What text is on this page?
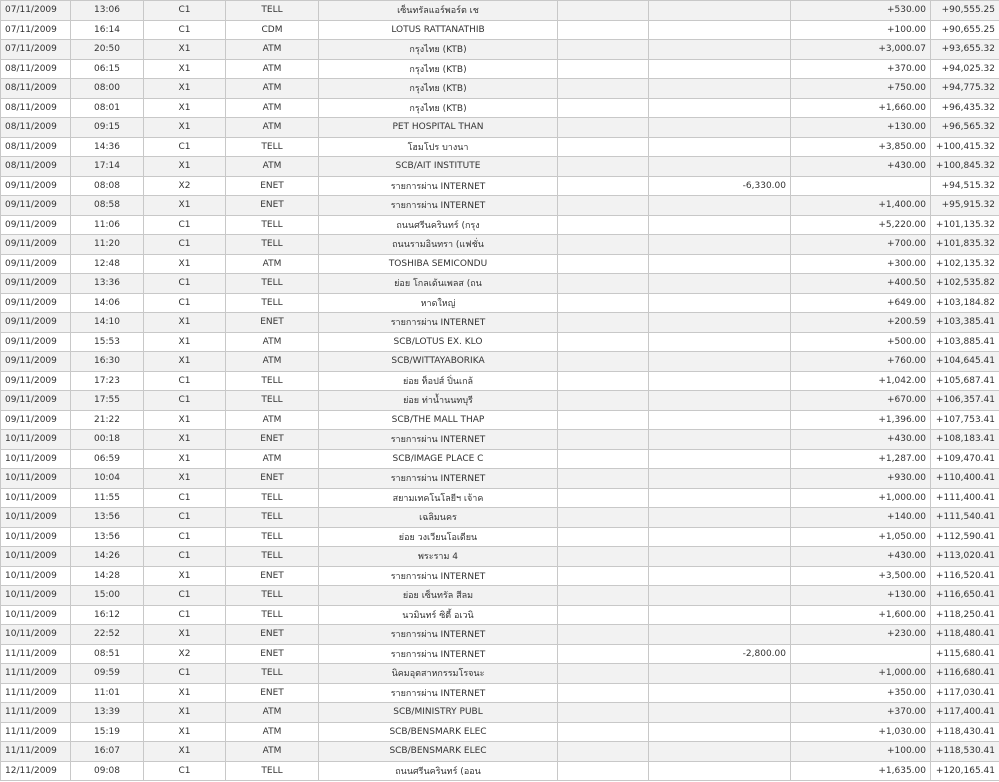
07/11/2009	13:06	C1	TELL	เซ็นทรัลแอร์พอร์ต เช			+530.00	+90,555.25
07/11/2009	16:14	C1	CDM	LOTUS RATTANATHIB			+100.00	+90,655.25
07/11/2009	20:50	X1	ATM	กรุงไทย (KTB)			+3,000.07	+93,655.32
08/11/2009	06:15	X1	ATM	กรุงไทย (KTB)			+370.00	+94,025.32
08/11/2009	08:00	X1	ATM	กรุงไทย (KTB)			+750.00	+94,775.32
08/11/2009	08:01	X1	ATM	กรุงไทย (KTB)			+1,660.00	+96,435.32
08/11/2009	09:15	X1	ATM	PET HOSPITAL THAN			+130.00	+96,565.32
08/11/2009	14:36	C1	TELL	โฮมโปร บางนา			+3,850.00	+100,415.32
08/11/2009	17:14	X1	ATM	SCB/AIT INSTITUTE			+430.00	+100,845.32
09/11/2009	08:08	X2	ENET	รายการผ่าน INTERNET		-6,330.00		+94,515.32
09/11/2009	08:58	X1	ENET	รายการผ่าน INTERNET			+1,400.00	+95,915.32
09/11/2009	11:06	C1	TELL	ถนนศรีนครินทร์ (กรุง			+5,220.00	+101,135.32
09/11/2009	11:20	C1	TELL	ถนนรามอินทรา (แฟชั่น			+700.00	+101,835.32
09/11/2009	12:48	X1	ATM	TOSHIBA SEMICONDU			+300.00	+102,135.32
09/11/2009	13:36	C1	TELL	ย่อย โกลเด้นเพลส (ถน			+400.50	+102,535.82
09/11/2009	14:06	C1	TELL	หาดใหญ่			+649.00	+103,184.82
09/11/2009	14:10	X1	ENET	รายการผ่าน INTERNET			+200.59	+103,385.41
09/11/2009	15:53	X1	ATM	SCB/LOTUS EX. KLO			+500.00	+103,885.41
09/11/2009	16:30	X1	ATM	SCB/WITTAYABORIKA			+760.00	+104,645.41
09/11/2009	17:23	C1	TELL	ย่อย ท็อปส์ ปิ่นเกล้			+1,042.00	+105,687.41
09/11/2009	17:55	C1	TELL	ย่อย ท่าน้ำนนทบุรี			+670.00	+106,357.41
09/11/2009	21:22	X1	ATM	SCB/THE MALL THAP			+1,396.00	+107,753.41
10/11/2009	00:18	X1	ENET	รายการผ่าน INTERNET			+430.00	+108,183.41
10/11/2009	06:59	X1	ATM	SCB/IMAGE PLACE C			+1,287.00	+109,470.41
10/11/2009	10:04	X1	ENET	รายการผ่าน INTERNET			+930.00	+110,400.41
10/11/2009	11:55	C1	TELL	สยามเทคโนโลยีฯ เจ้าค			+1,000.00	+111,400.41
10/11/2009	13:56	C1	TELL	เฉลิมนคร			+140.00	+111,540.41
10/11/2009	13:56	C1	TELL	ย่อย วงเวียนโอเดียน			+1,050.00	+112,590.41
10/11/2009	14:26	C1	TELL	พระราม 4			+430.00	+113,020.41
10/11/2009	14:28	X1	ENET	รายการผ่าน INTERNET			+3,500.00	+116,520.41
10/11/2009	15:00	C1	TELL	ย่อย เซ็นทรัล สีลม			+130.00	+116,650.41
10/11/2009	16:12	C1	TELL	นวมินทร์ ซิตี้ อเวนิ			+1,600.00	+118,250.41
10/11/2009	22:52	X1	ENET	รายการผ่าน INTERNET			+230.00	+118,480.41
11/11/2009	08:51	X2	ENET	รายการผ่าน INTERNET		-2,800.00		+115,680.41
11/11/2009	09:59	C1	TELL	นิคมอุตสาหกรรมโรจนะ			+1,000.00	+116,680.41
11/11/2009	11:01	X1	ENET	รายการผ่าน INTERNET			+350.00	+117,030.41
11/11/2009	13:39	X1	ATM	SCB/MINISTRY PUBL			+370.00	+117,400.41
11/11/2009	15:19	X1	ATM	SCB/BENSMARK ELEC			+1,030.00	+118,430.41
11/11/2009	16:07	X1	ATM	SCB/BENSMARK ELEC			+100.00	+118,530.41
12/11/2009	09:08	C1	TELL	ถนนศรีนครินทร์ (ออน			+1,635.00	+120,165.41
